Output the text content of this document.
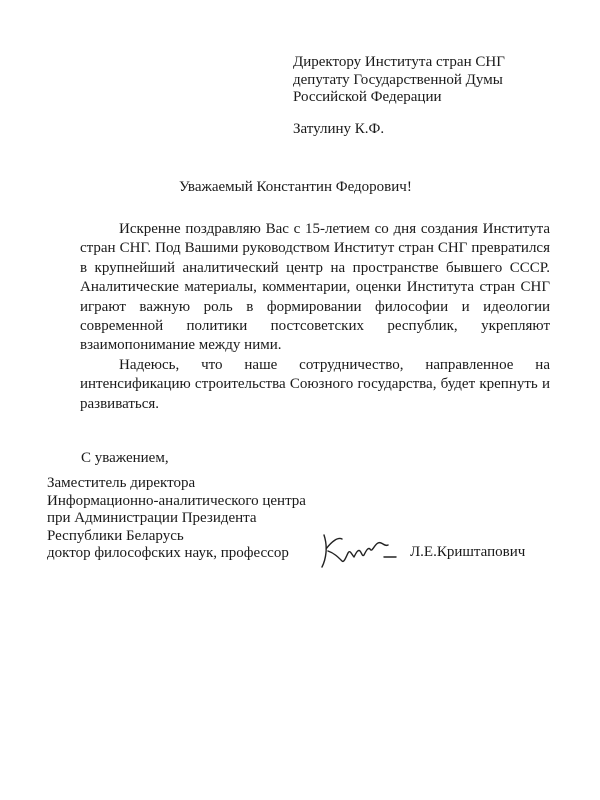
Директору Института стран СНГ
депутату Государственной Думы
Российской Федерации
Затулину К.Ф.
Уважаемый Константин Федорович!
Искренне поздравляю Вас с 15-летием со дня создания Института
стран СНГ. Под Вашими руководством Институт стран СНГ превратился
в крупнейший аналитический центр на пространстве бывшего СССР.
Аналитические материалы, комментарии, оценки Института стран СНГ
играют важную роль в формировании философии и идеологии
современной политики постсоветских республик, укрепляют
взаимопонимание между ними.
Надеюсь, что наше сотрудничество, направленное на
интенсификацию строительства Союзного государства, будет крепнуть и
развиваться.
С уважением,
Заместитель директора
Информационно-аналитического центра
при Администрации Президента
Республики Беларусь
доктор философских наук, профессор	Л.Е.Криштапович
